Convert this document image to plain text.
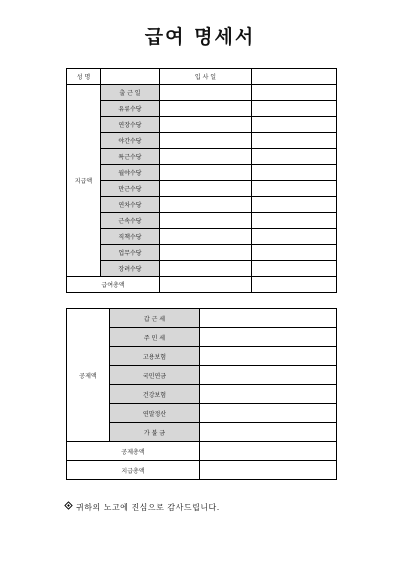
급여 명세서
성 명		입 사 일	
지급액	출 근 일		
	유류수당		
	연장수당		
	야간수당		
	특근수당		
	월야수당		
	만근수당		
	연차수당		
	근속수당		
	직책수당		
	업무수당		
	장려수당		
급여총액			
공제액	갑 근 세	
	주 민 세	
	고용보험	
	국민연금	
	건강보험	
	연말정산	
	가 불 금	
공제총액		
지급총액		
귀하의 노고에 진심으로 감사드립니다.
